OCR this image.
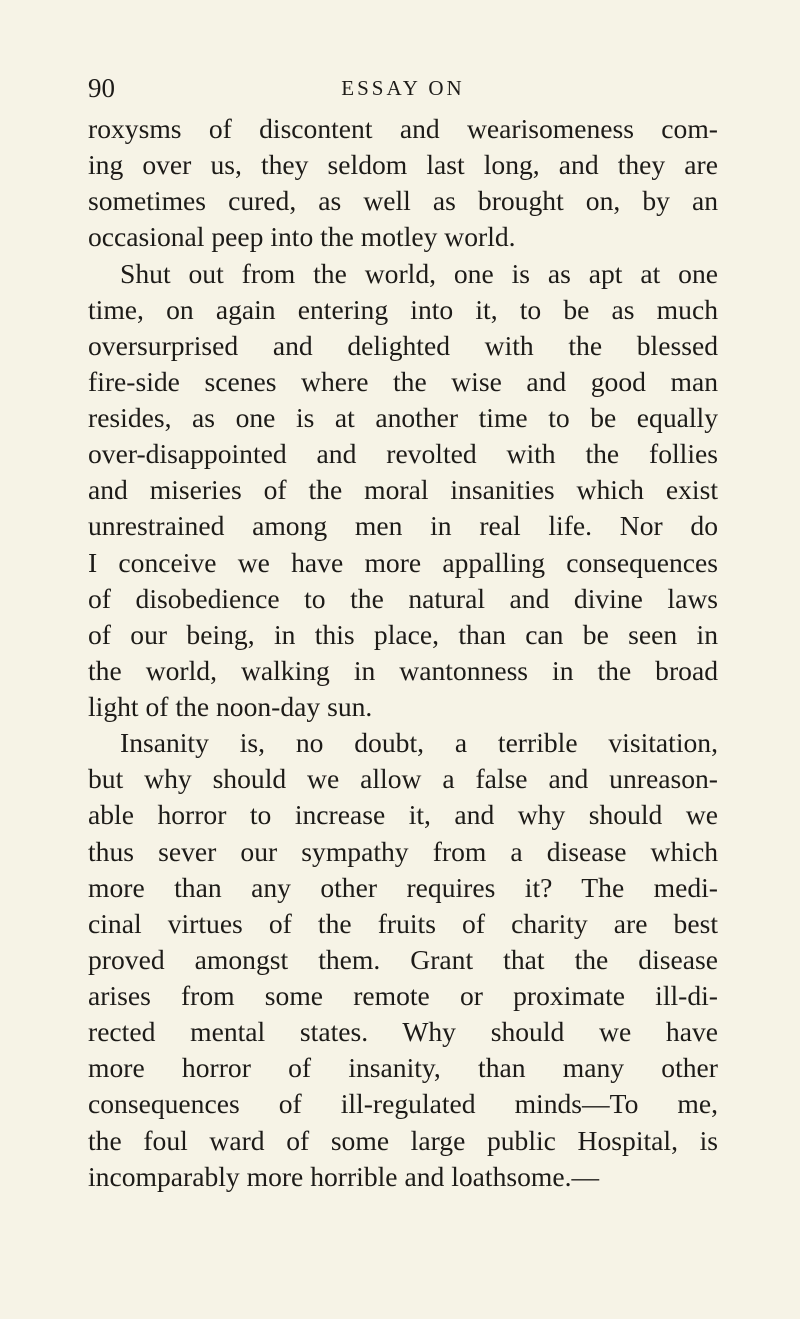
90	ESSAY ON
roxysms of discontent and wearisomeness com-
ing over us, they seldom last long, and they are
sometimes cured, as well as brought on, by an
occasional peep into the motley world.
Shut out from the world, one is as apt at one
time, on again entering into it, to be as much
oversurprised and delighted with the blessed
fire-side scenes where the wise and good man
resides, as one is at another time to be equally
over-disappointed and revolted with the follies
and miseries of the moral insanities which exist
unrestrained among men in real life. Nor do
I conceive we have more appalling consequences
of disobedience to the natural and divine laws
of our being, in this place, than can be seen in
the world, walking in wantonness in the broad
light of the noon-day sun.
Insanity is, no doubt, a terrible visitation,
but why should we allow a false and unreason-
able horror to increase it, and why should we
thus sever our sympathy from a disease which
more than any other requires it? The medi-
cinal virtues of the fruits of charity are best
proved amongst them. Grant that the disease
arises from some remote or proximate ill-di-
rected mental states. Why should we have
more horror of insanity, than many other
consequences of ill-regulated minds—To me,
the foul ward of some large public Hospital, is
incomparably more horrible and loathsome.—
